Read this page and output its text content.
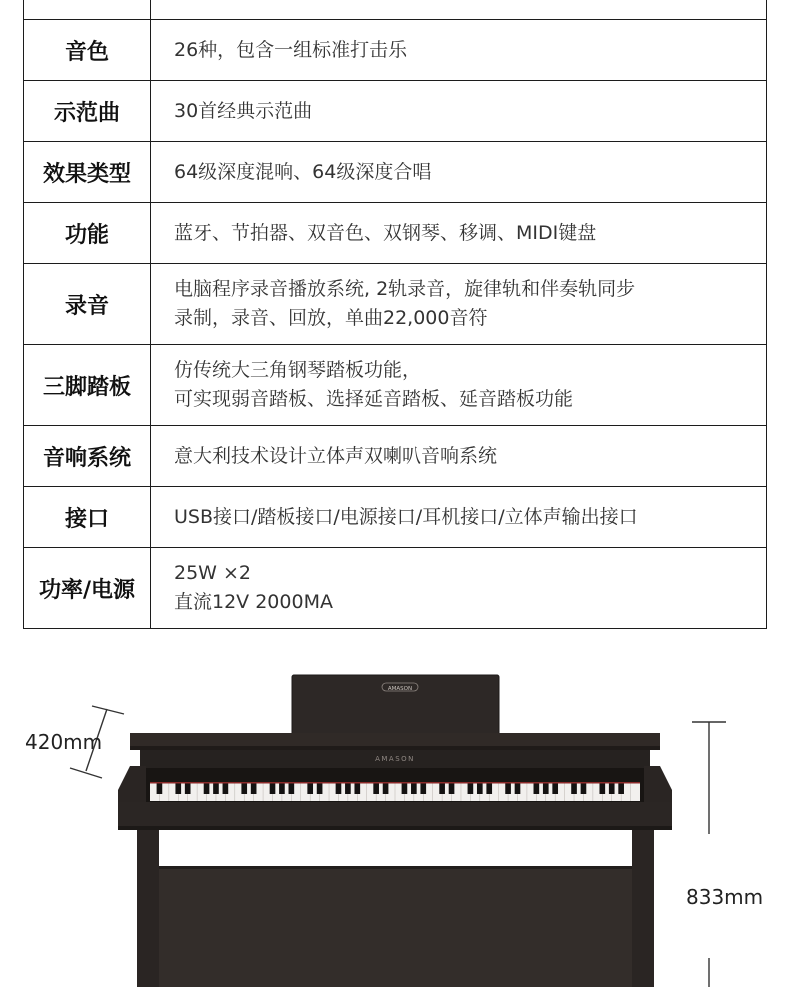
音色	26种，包含一组标准打击乐
示范曲	30首经典示范曲
效果类型	64级深度混响、64级深度合唱
功能	蓝牙、节拍器、双音色、双钢琴、移调、MIDI键盘
录音	电脑程序录音播放系统, 2轨录音，旋律轨和伴奏轨同步
录制，录音、回放，单曲22,000音符

三脚踏板	仿传统大三角钢琴踏板功能，
可实现弱音踏板、选择延音踏板、延音踏板功能

音响系统	意大利技术设计立体声双喇叭音响系统
接口	USB接口/踏板接口/电源接口/耳机接口/立体声输出接口
功率/电源	25W ×2
直流12V 2000MA
AMASON
AMASON
420mm
833mm
